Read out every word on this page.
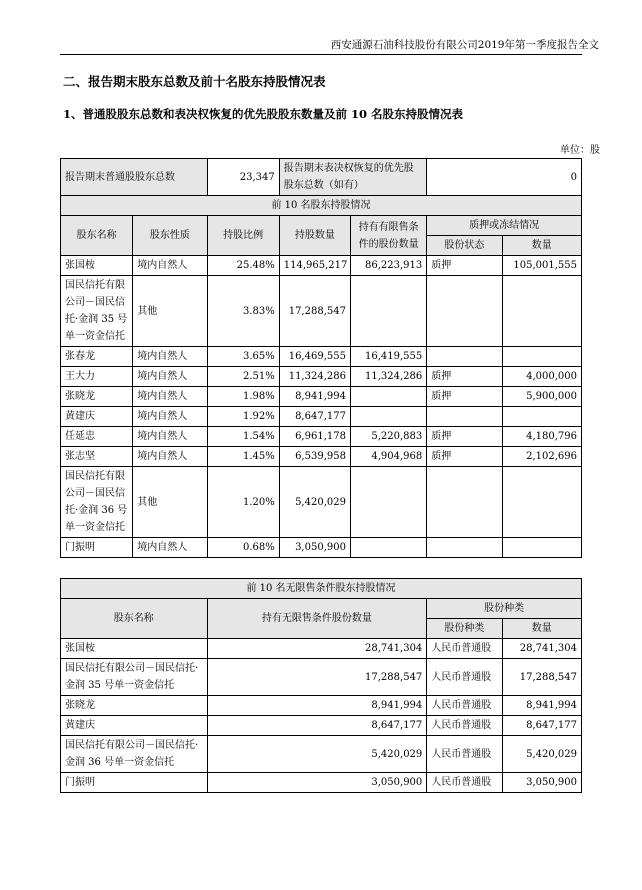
西安通源石油科技股份有限公司2019年第一季度报告全文
二、报告期末股东总数及前十名股东持股情况表
1、普通股股东总数和表决权恢复的优先股股东数量及前 10 名股东持股情况表
单位：股
报告期末普通股股东总数		23,347	报告期末表决权恢复的优先股股东总数（如有）		0	
前 10 名股东持股情况						
股东名称	股东性质	持股比例	持股数量	持有有限售条件的股份数量	质押或冻结情况	
					股份状态	数量
张国桉	境内自然人	25.48%	114,965,217	86,223,913	质押	105,001,555
国民信托有限公司－国民信托·金润 35 号单一资金信托	其他	3.83%	17,288,547			
张春龙	境内自然人	3.65%	16,469,555	16,419,555		
王大力	境内自然人	2.51%	11,324,286	11,324,286	质押	4,000,000
张晓龙	境内自然人	1.98%	8,941,994		质押	5,900,000
黄建庆	境内自然人	1.92%	8,647,177			
任延忠	境内自然人	1.54%	6,961,178	5,220,883	质押	4,180,796
张志坚	境内自然人	1.45%	6,539,958	4,904,968	质押	2,102,696
国民信托有限公司－国民信托·金润 36 号单一资金信托	其他	1.20%	5,420,029			
门振明	境内自然人	0.68%	3,050,900			
前 10 名无限售条件股东持股情况			
股东名称	持有无限售条件股份数量	股份种类	
		股份种类	数量
张国桉	28,741,304	人民币普通股	28,741,304
国民信托有限公司－国民信托·金润 35 号单一资金信托	17,288,547	人民币普通股	17,288,547
张晓龙	8,941,994	人民币普通股	8,941,994
黄建庆	8,647,177	人民币普通股	8,647,177
国民信托有限公司－国民信托·金润 36 号单一资金信托	5,420,029	人民币普通股	5,420,029
门振明	3,050,900	人民币普通股	3,050,900
